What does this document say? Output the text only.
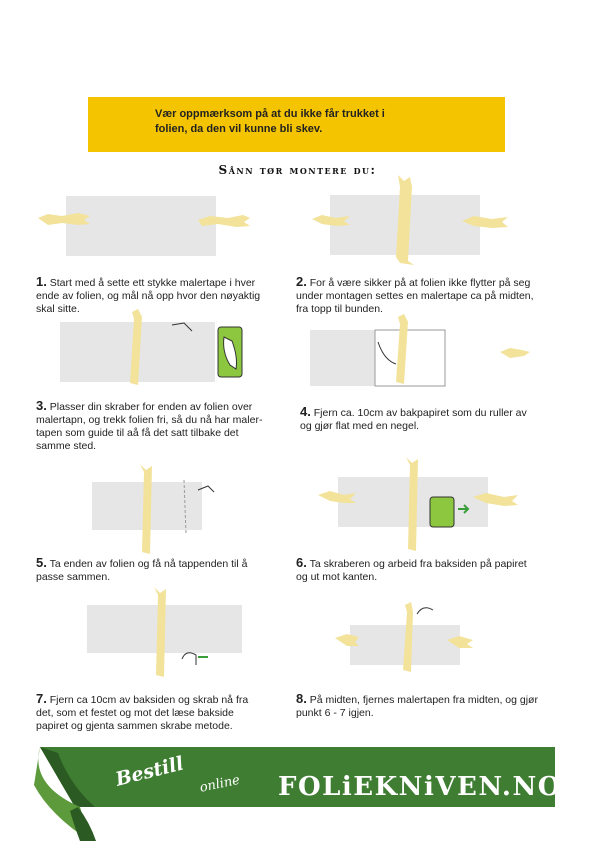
Vær oppmærksom på at du ikke får trukket i
folien, da den vil kunne bli skev.
Sånn tør montere du:
1. Start med å sette ett stykke malertape i hver
ende av folien, og mål nå opp hvor den nøyaktig
skal sitte.
2. For å være sikker på at folien ikke flytter på seg
under montagen settes en malertape ca på midten,
fra topp til bunden.
3. Plasser din skraber for enden av folien over
malertapn, og trekk folien fri, så du nå har maler-
tapen som guide til aå få det satt tilbake det
samme sted.
4. Fjern ca. 10cm av bakpapiret som du ruller av
og gjør flat med en negel.
5. Ta enden av folien og få nå tappenden til å
passe sammen.
6. Ta skraberen og arbeid fra baksiden på papiret
og ut mot kanten.
7. Fjern ca 10cm av baksiden og skrab nå fra
det, som et festet og mot det læse bakside
papiret og gjenta sammen skrabe metode.
8. På midten, fjernes malertapen fra midten, og gjør
punkt 6 - 7 igjen.
Bestill online FOLiEKNiVEN.NO
